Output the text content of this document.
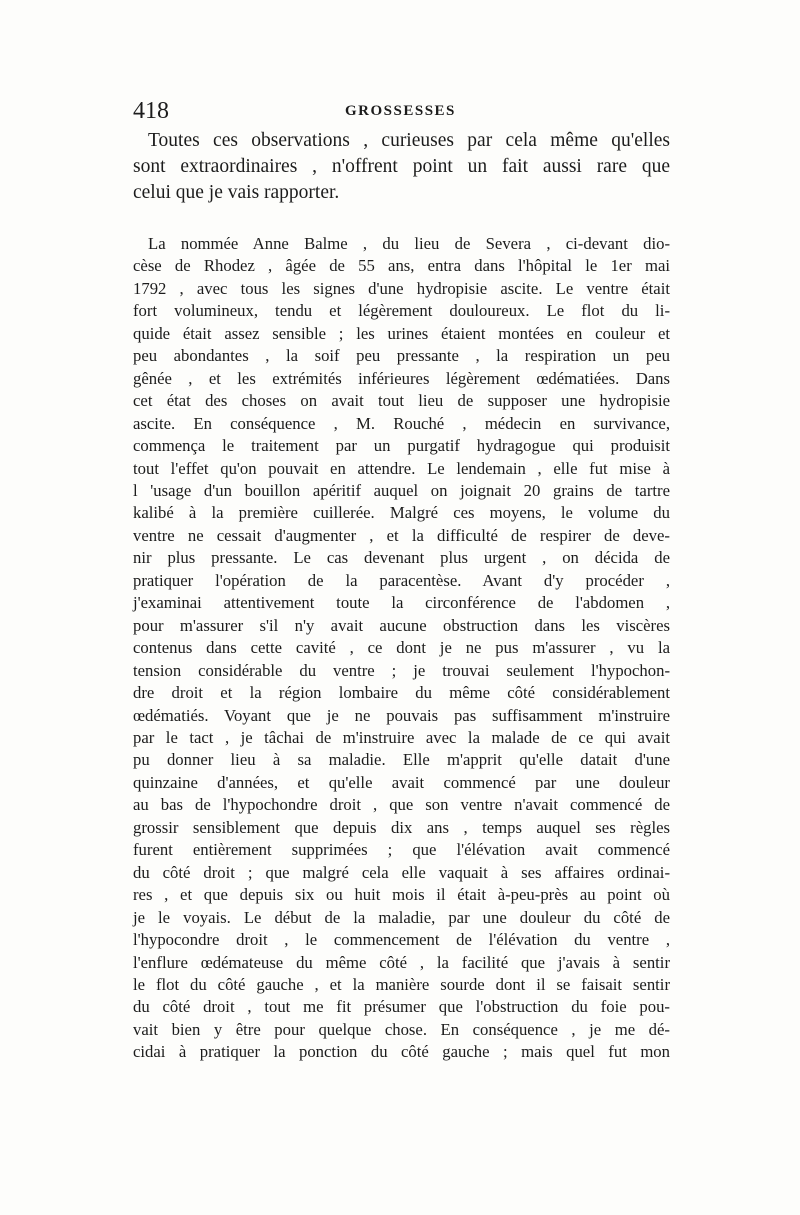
418	GROSSESSES
Toutes ces observations , curieuses par cela même qu'elles
sont extraordinaires , n'offrent point un fait aussi rare que
celui que je vais rapporter.
La nommée Anne Balme , du lieu de Severa , ci-devant dio-
cèse de Rhodez , âgée de 55 ans, entra dans l'hôpital le 1er mai
1792 , avec tous les signes d'une hydropisie ascite. Le ventre était
fort volumineux, tendu et légèrement douloureux. Le flot du li-
quide était assez sensible ; les urines étaient montées en couleur et
peu abondantes , la soif peu pressante , la respiration un peu
gênée , et les extrémités inférieures légèrement œdématiées. Dans
cet état des choses on avait tout lieu de supposer une hydropisie
ascite. En conséquence , M. Rouché , médecin en survivance,
commença le traitement par un purgatif hydragogue qui produisit
tout l'effet qu'on pouvait en attendre. Le lendemain , elle fut mise à
l 'usage d'un bouillon apéritif auquel on joignait 20 grains de tartre
kalibé à la première cuillerée. Malgré ces moyens, le volume du
ventre ne cessait d'augmenter , et la difficulté de respirer de deve-
nir plus pressante. Le cas devenant plus urgent , on décida de
pratiquer l'opération de la paracentèse. Avant d'y procéder ,
j'examinai attentivement toute la circonférence de l'abdomen ,
pour m'assurer s'il n'y avait aucune obstruction dans les viscères
contenus dans cette cavité , ce dont je ne pus m'assurer , vu la
tension considérable du ventre ; je trouvai seulement l'hypochon-
dre droit et la région lombaire du même côté considérablement
œdématiés. Voyant que je ne pouvais pas suffisamment m'instruire
par le tact , je tâchai de m'instruire avec la malade de ce qui avait
pu donner lieu à sa maladie. Elle m'apprit qu'elle datait d'une
quinzaine d'années, et qu'elle avait commencé par une douleur
au bas de l'hypochondre droit , que son ventre n'avait commencé de
grossir sensiblement que depuis dix ans , temps auquel ses règles
furent entièrement supprimées ; que l'élévation avait commencé
du côté droit ; que malgré cela elle vaquait à ses affaires ordinai-
res , et que depuis six ou huit mois il était à-peu-près au point où
je le voyais. Le début de la maladie, par une douleur du côté de
l'hypocondre droit , le commencement de l'élévation du ventre ,
l'enflure œdémateuse du même côté , la facilité que j'avais à sentir
le flot du côté gauche , et la manière sourde dont il se faisait sentir
du côté droit , tout me fit présumer que l'obstruction du foie pou-
vait bien y être pour quelque chose. En conséquence , je me dé-
cidai à pratiquer la ponction du côté gauche ; mais quel fut mon
